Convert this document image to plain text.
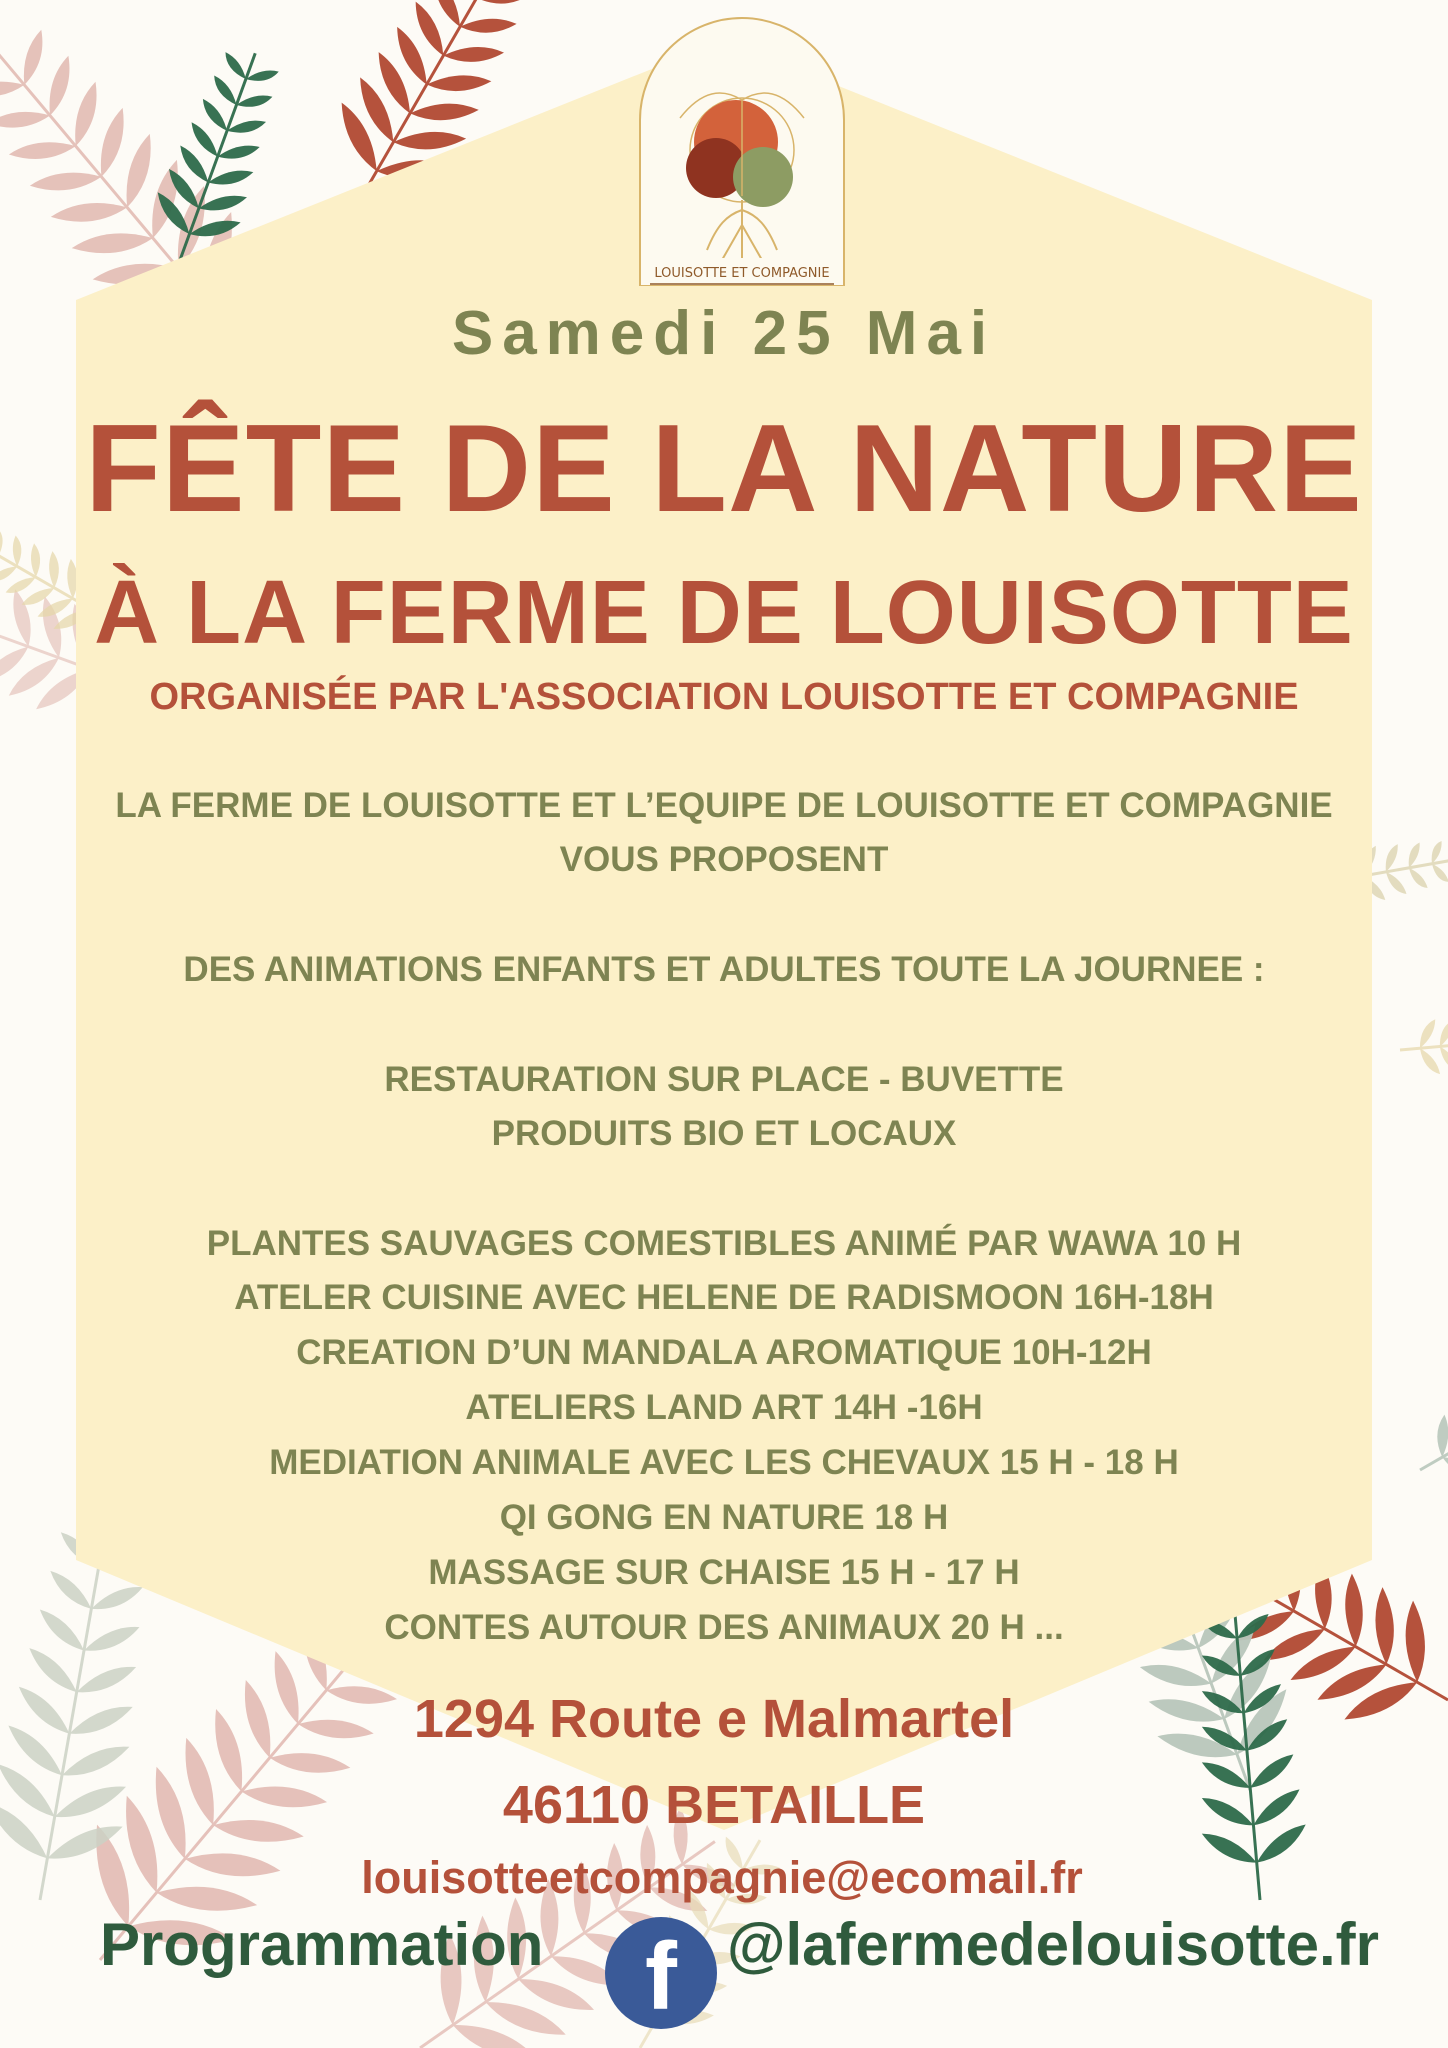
LOUISOTTE ET COMPAGNIE
Samedi 25 Mai
FÊTE DE LA NATURE
À LA FERME DE LOUISOTTE
ORGANISÉE PAR L'ASSOCIATION LOUISOTTE ET COMPAGNIE
LA FERME DE LOUISOTTE ET L’EQUIPE DE LOUISOTTE ET COMPAGNIE
VOUS PROPOSENT
DES ANIMATIONS ENFANTS ET ADULTES TOUTE LA JOURNEE :
RESTAURATION SUR PLACE - BUVETTE
PRODUITS BIO ET LOCAUX
PLANTES SAUVAGES COMESTIBLES ANIMÉ PAR WAWA 10 H
ATELER CUISINE AVEC HELENE DE RADISMOON 16H-18H
CREATION D’UN MANDALA AROMATIQUE 10H-12H
ATELIERS LAND ART 14H -16H
MEDIATION ANIMALE AVEC LES CHEVAUX 15 H - 18 H
QI GONG EN NATURE 18 H
MASSAGE SUR CHAISE 15 H - 17 H
CONTES AUTOUR DES ANIMAUX 20 H ...
1294 Route e Malmartel
46110 BETAILLE
louisotteetcompagnie@ecomail.fr
Programmation	f @lafermedelouisotte.fr
